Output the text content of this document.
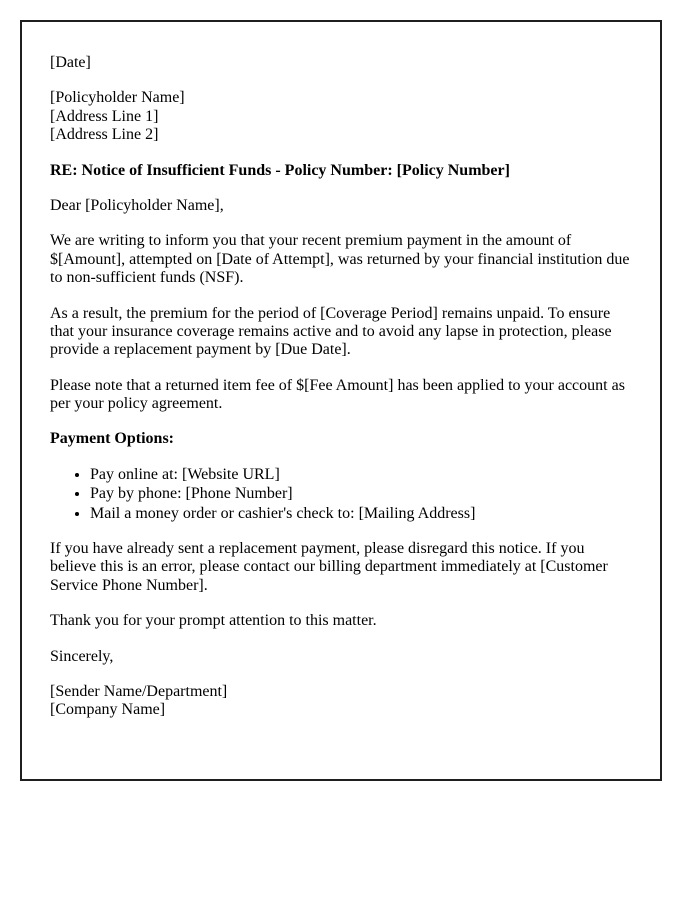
[Date]

[Policyholder Name]
[Address Line 1]
[Address Line 2]

RE: Notice of Insufficient Funds - Policy Number: [Policy Number]

Dear [Policyholder Name],

We are writing to inform you that your recent premium payment in the amount of $[Amount], attempted on [Date of Attempt], was returned by your financial institution due to non-sufficient funds (NSF).

As a result, the premium for the period of [Coverage Period] remains unpaid. To ensure that your insurance coverage remains active and to avoid any lapse in protection, please provide a replacement payment by [Due Date].

Please note that a returned item fee of $[Fee Amount] has been applied to your account as per your policy agreement.

Payment Options:

• Pay online at: [Website URL]
• Pay by phone: [Phone Number]
• Mail a money order or cashier's check to: [Mailing Address]

If you have already sent a replacement payment, please disregard this notice. If you believe this is an error, please contact our billing department immediately at [Customer Service Phone Number].

Thank you for your prompt attention to this matter.

Sincerely,

[Sender Name/Department]
[Company Name]
